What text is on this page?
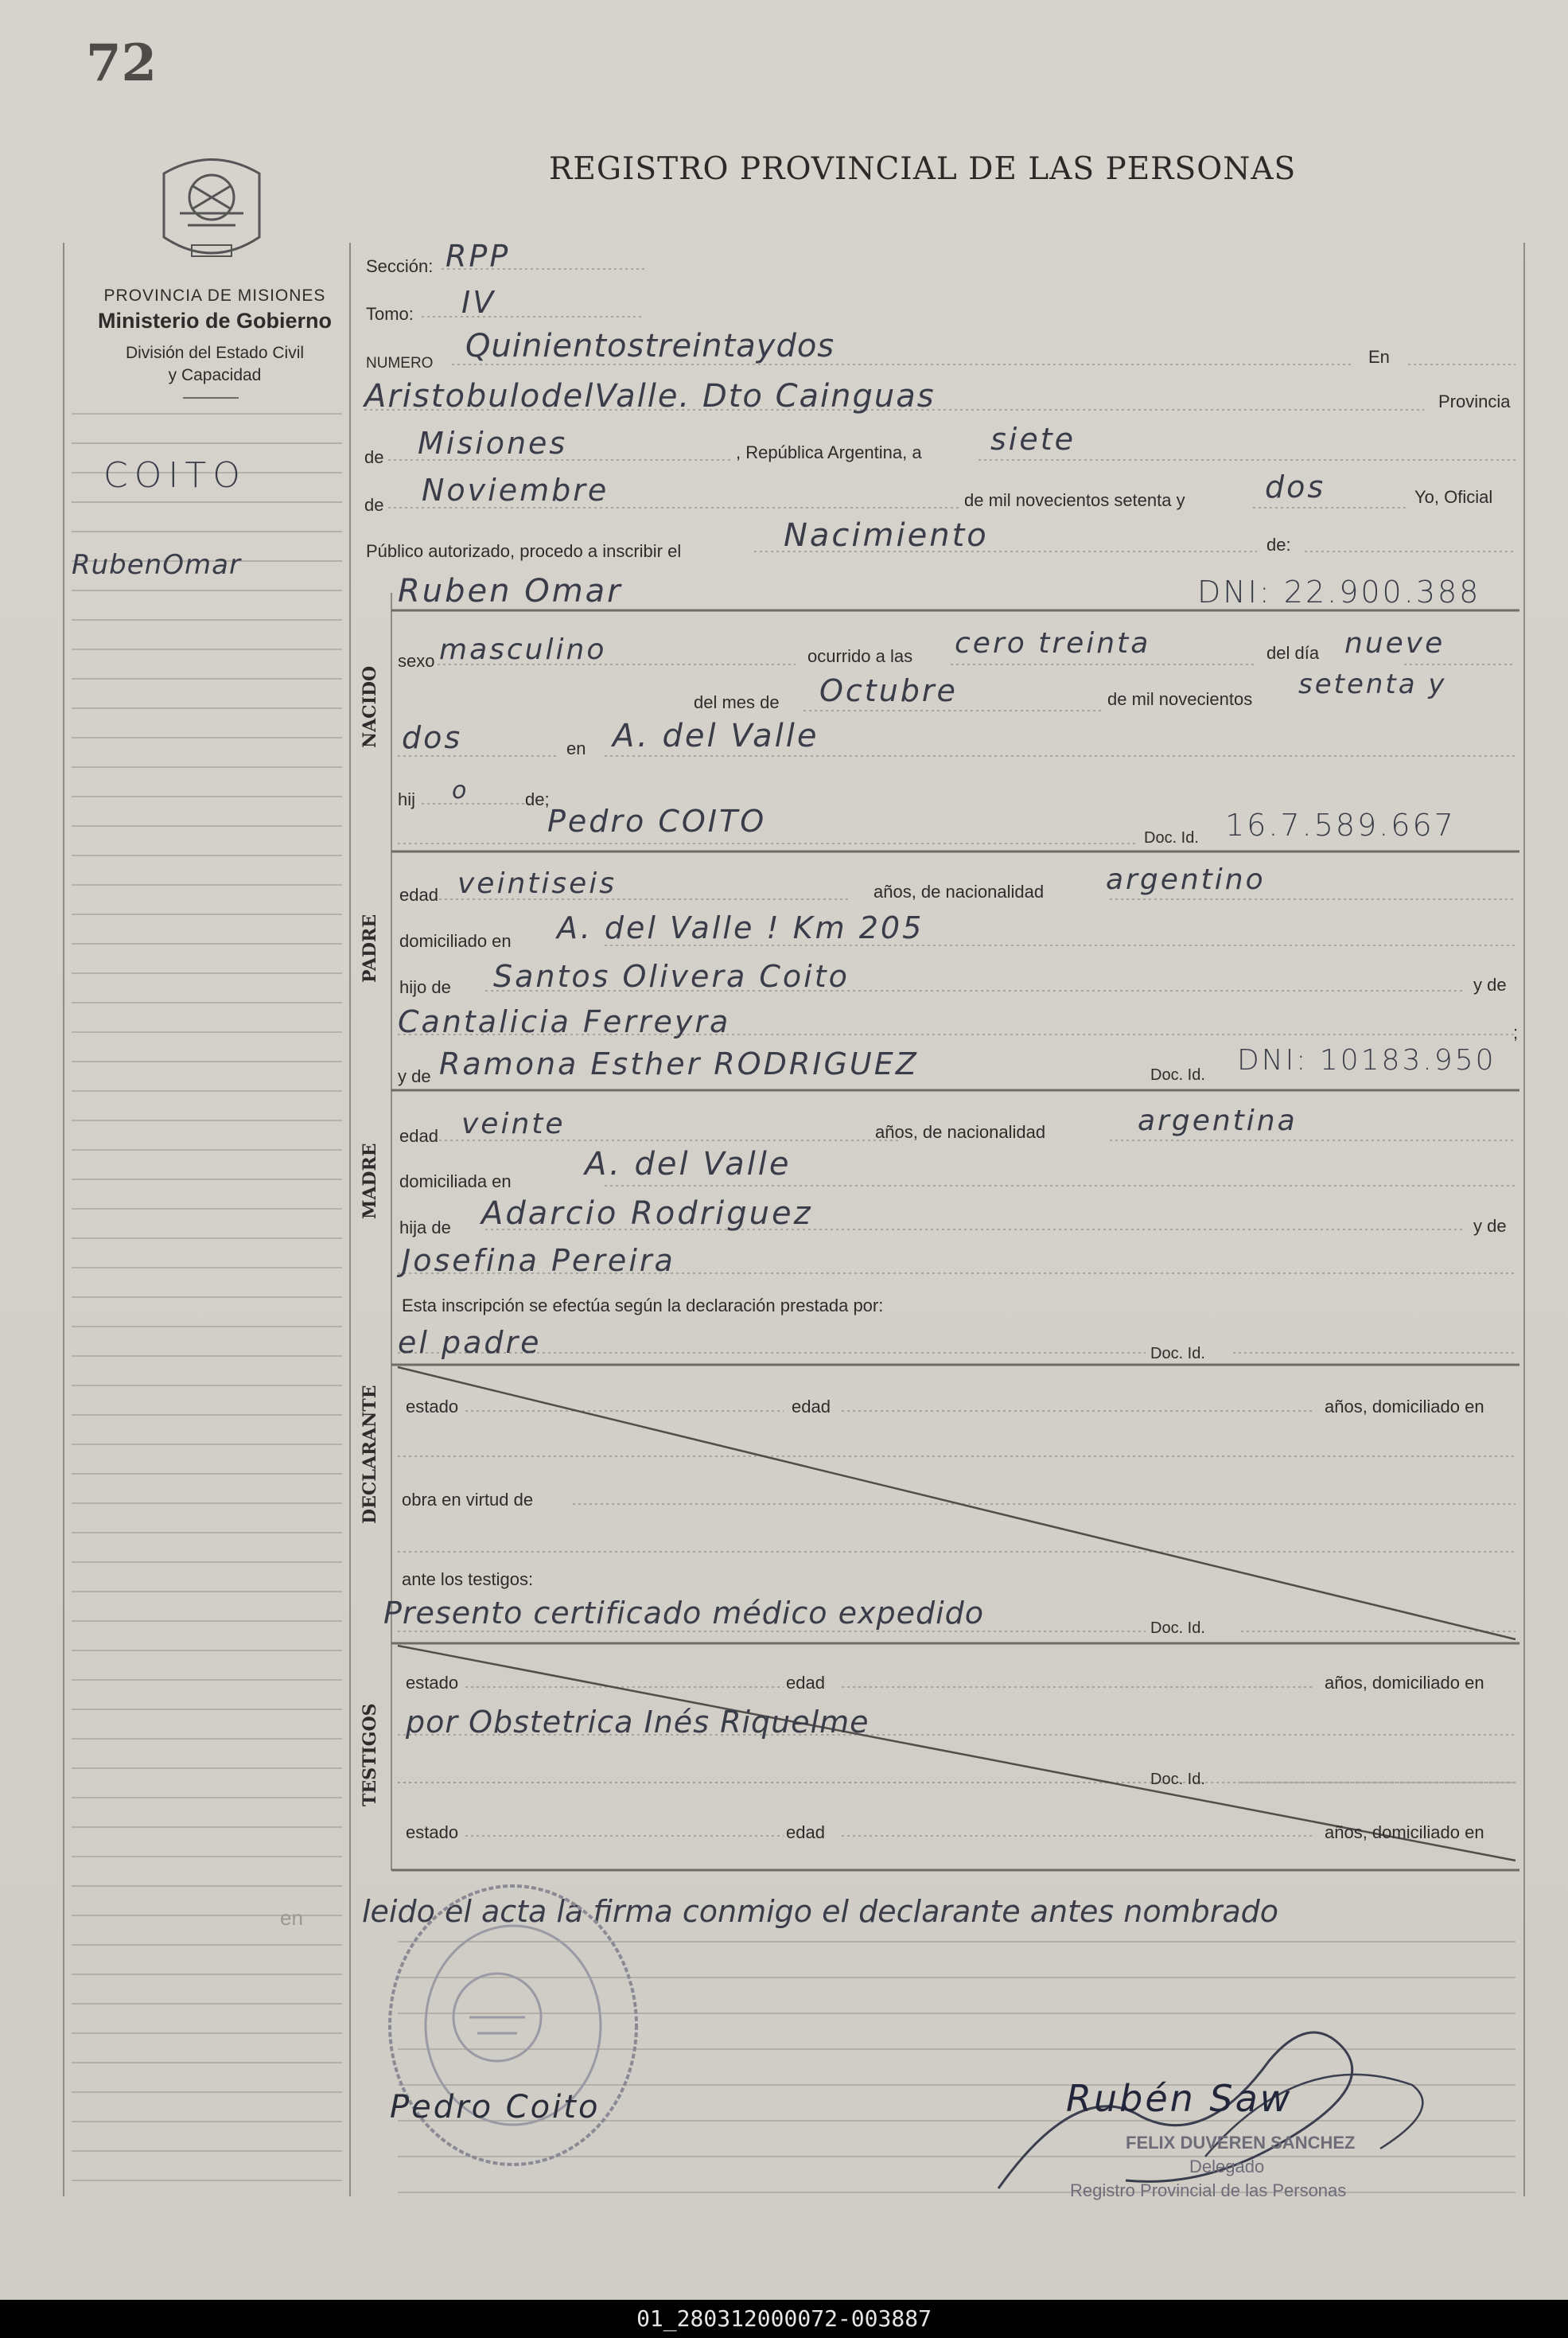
72
REGISTRO PROVINCIAL DE LAS PERSONAS
PROVINCIA DE MISIONES
Ministerio de Gobierno
División del Estado Civil
y Capacidad
COITO
RubenOmar
Sección: RPP
Tomo: IV
NUMERO Quinientostreintaydos	En
AristobulodelValle. Dto Cainguas	Provincia
de Misiones	, República Argentina, a siete
de Noviembre	de mil novecientos setenta y	dos	Yo, Oficial
Público autorizado, procedo a inscribir el	Nacimiento	de:
NACIDO
Ruben Omar	DNI: 22.900.388
sexo masculino	ocurrido a las cero treinta	del día nueve
del mes de Octubre	de mil novecientos setenta y
dos	en A. del Valle
hij o	de;
Pedro COITO	Doc. Id. 16.7.589.667
PADRE
edad veintiseis	años, de nacionalidad argentino
domiciliado en A. del Valle ! Km 205
hijo de Santos Olivera Coito	y de
Cantalicia Ferreyra	;
y de Ramona Esther RODRIGUEZ	Doc. Id. DNI: 10183.950
MADRE
edad veinte	años, de nacionalidad	argentina
domiciliada en A. del Valle
hija de Adarcio Rodriguez	y de
Josefina Pereira
Esta inscripción se efectúa según la declaración prestada por:
DECLARANTE
el padre	Doc. Id.
estado	edad	años, domiciliado en
obra en virtud de
ante los testigos:
TESTIGOS
Presento certificado médico expedido	Doc. Id.
estado	edad	años, domiciliado en
por Obstetrica Inés Riquelme
Doc. Id.
estado	edad	años, domiciliado en
en leido el acta la firma conmigo el declarante antes nombrado
Pedro Coito	Rubén Saw
FELIX DUVEREN SANCHEZ
Delegado
Registro Provincial de las Personas
01_280312000072-003887
